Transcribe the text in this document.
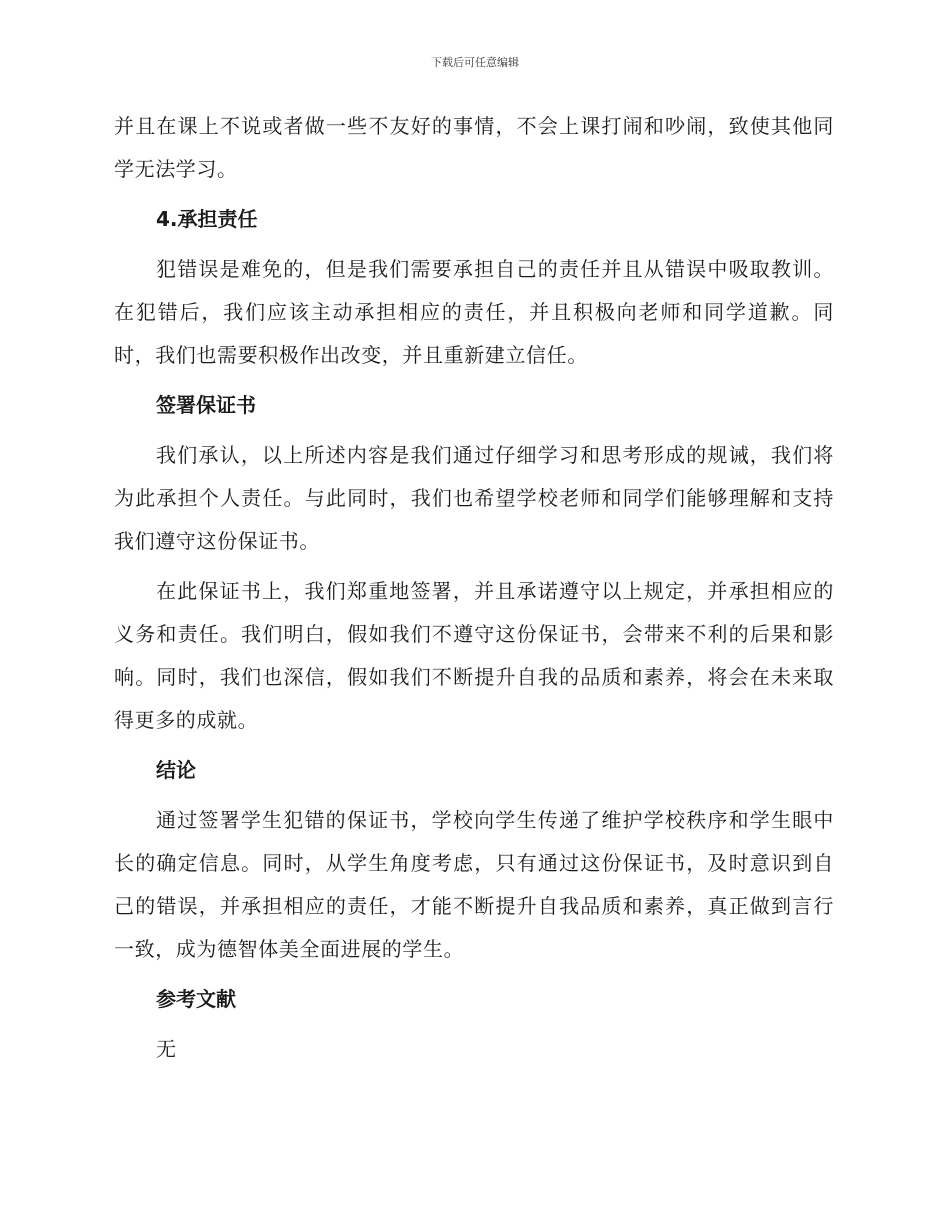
下载后可任意编辑

并且在课上不说或者做一些不友好的事情，不会上课打闹和吵闹，致使其他同学无法学习。

4.承担责任

犯错误是难免的，但是我们需要承担自己的责任并且从错误中吸取教训。在犯错后，我们应该主动承担相应的责任，并且积极向老师和同学道歉。同时，我们也需要积极作出改变，并且重新建立信任。

签署保证书

我们承认，以上所述内容是我们通过仔细学习和思考形成的规诫，我们将为此承担个人责任。与此同时，我们也希望学校老师和同学们能够理解和支持我们遵守这份保证书。

在此保证书上，我们郑重地签署，并且承诺遵守以上规定，并承担相应的义务和责任。我们明白，假如我们不遵守这份保证书，会带来不利的后果和影响。同时，我们也深信，假如我们不断提升自我的品质和素养，将会在未来取得更多的成就。

结论

通过签署学生犯错的保证书，学校向学生传递了维护学校秩序和学生眼中长的确定信息。同时，从学生角度考虑，只有通过这份保证书，及时意识到自己的错误，并承担相应的责任，才能不断提升自我品质和素养，真正做到言行一致，成为德智体美全面进展的学生。

参考文献

无
